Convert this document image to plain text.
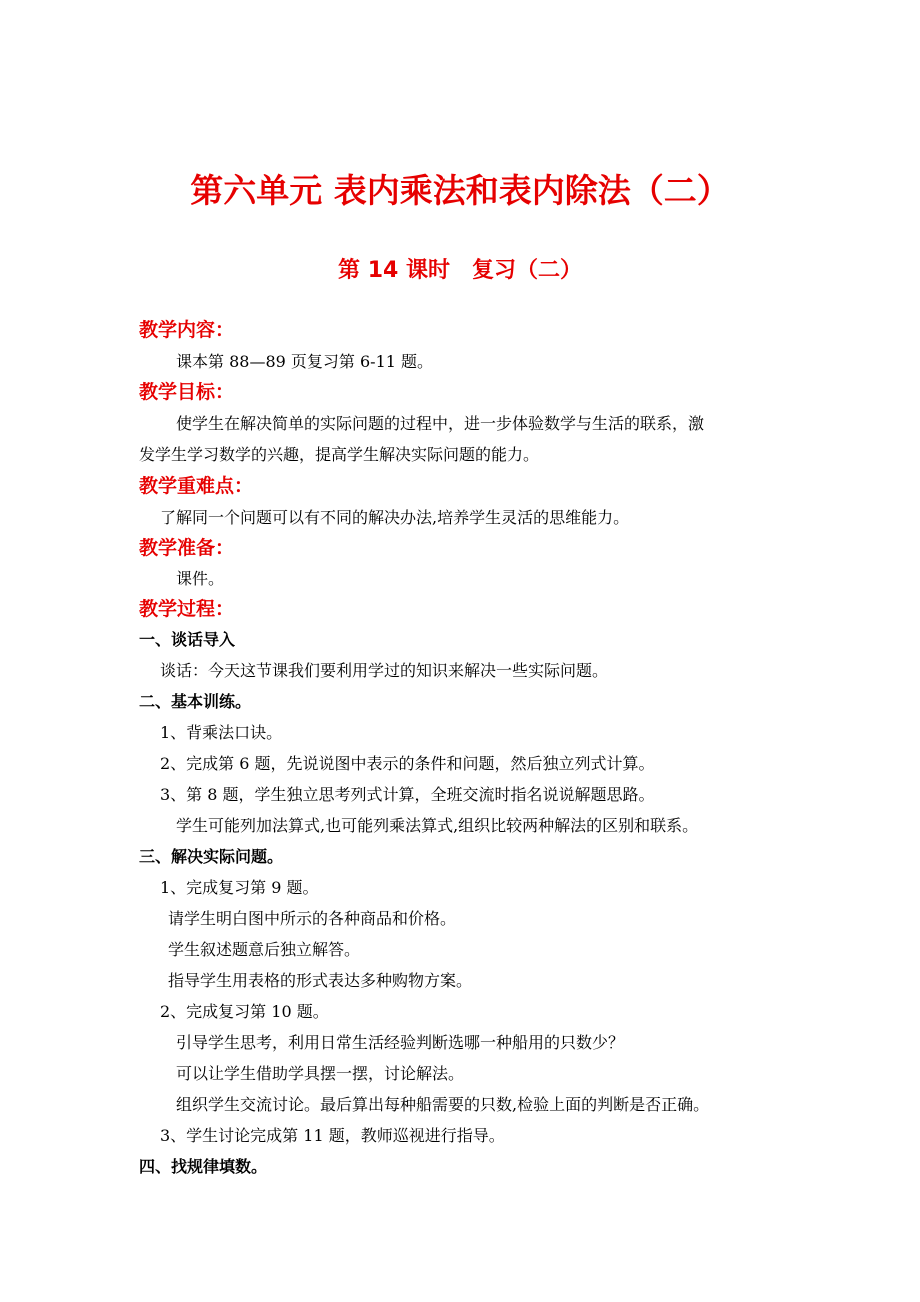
第六单元 表内乘法和表内除法（二）
第 14 课时　复习（二）
教学内容：
课本第 88—89 页复习第 6-11 题。
教学目标：
使学生在解决简单的实际问题的过程中，进一步体验数学与生活的联系，激
发学生学习数学的兴趣，提高学生解决实际问题的能力。
教学重难点：
了解同一个问题可以有不同的解决办法,培养学生灵活的思维能力。
教学准备：
课件。
教学过程：
一、谈话导入
谈话：今天这节课我们要利用学过的知识来解决一些实际问题。
二、基本训练。
1、背乘法口诀。
2、完成第 6 题，先说说图中表示的条件和问题，然后独立列式计算。
3、第 8 题，学生独立思考列式计算，全班交流时指名说说解题思路。
学生可能列加法算式,也可能列乘法算式,组织比较两种解法的区别和联系。
三、解决实际问题。
1、完成复习第 9 题。
请学生明白图中所示的各种商品和价格。
学生叙述题意后独立解答。
指导学生用表格的形式表达多种购物方案。
2、完成复习第 10 题。
引导学生思考，利用日常生活经验判断选哪一种船用的只数少？
可以让学生借助学具摆一摆，讨论解法。
组织学生交流讨论。最后算出每种船需要的只数,检验上面的判断是否正确。
3、学生讨论完成第 11 题，教师巡视进行指导。
四、找规律填数。
